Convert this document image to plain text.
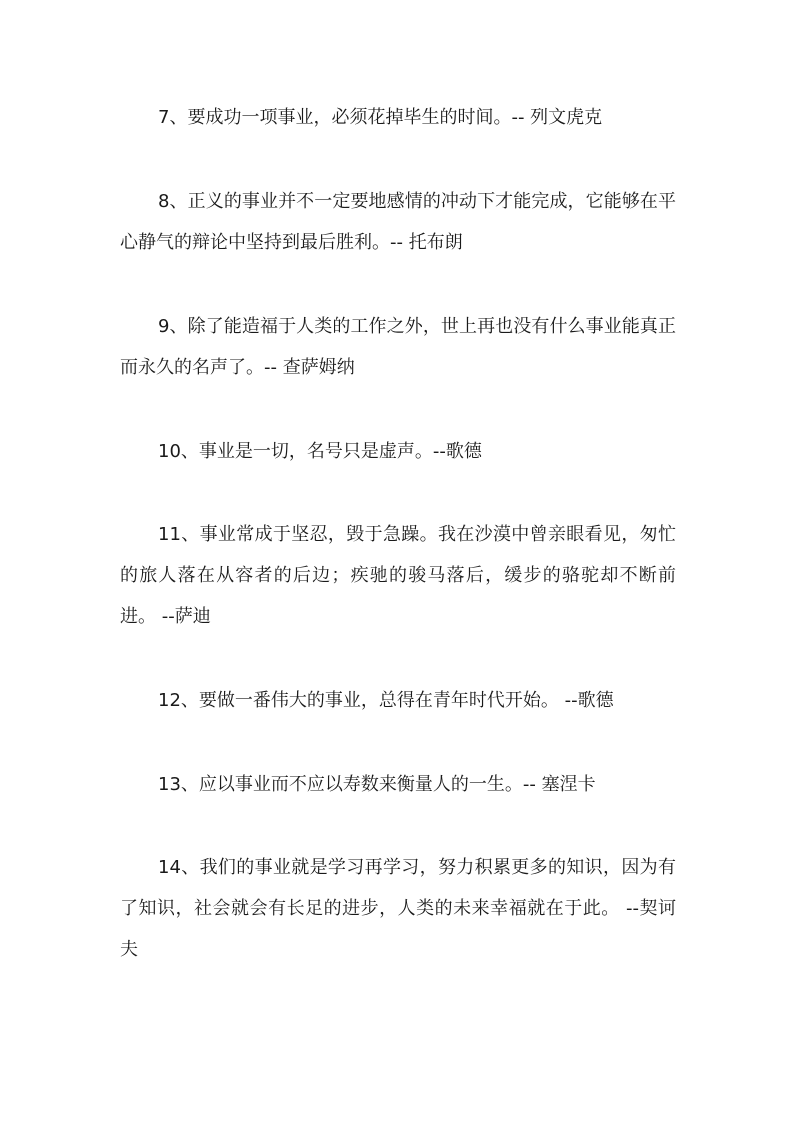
7、要成功一项事业，必须花掉毕生的时间。-- 列文虎克

8、正义的事业并不一定要地感情的冲动下才能完成，它能够在平心静气的辩论中坚持到最后胜利。-- 托布朗

9、除了能造福于人类的工作之外，世上再也没有什么事业能真正而永久的名声了。-- 查萨姆纳

10、事业是一切，名号只是虚声。--歌德

11、事业常成于坚忍，毁于急躁。我在沙漠中曾亲眼看见，匆忙的旅人落在从容者的后边；疾驰的骏马落后，缓步的骆驼却不断前进。 --萨迪

12、要做一番伟大的事业，总得在青年时代开始。 --歌德

13、应以事业而不应以寿数来衡量人的一生。-- 塞涅卡

14、我们的事业就是学习再学习，努力积累更多的知识，因为有了知识，社会就会有长足的进步，人类的未来幸福就在于此。 --契诃夫
